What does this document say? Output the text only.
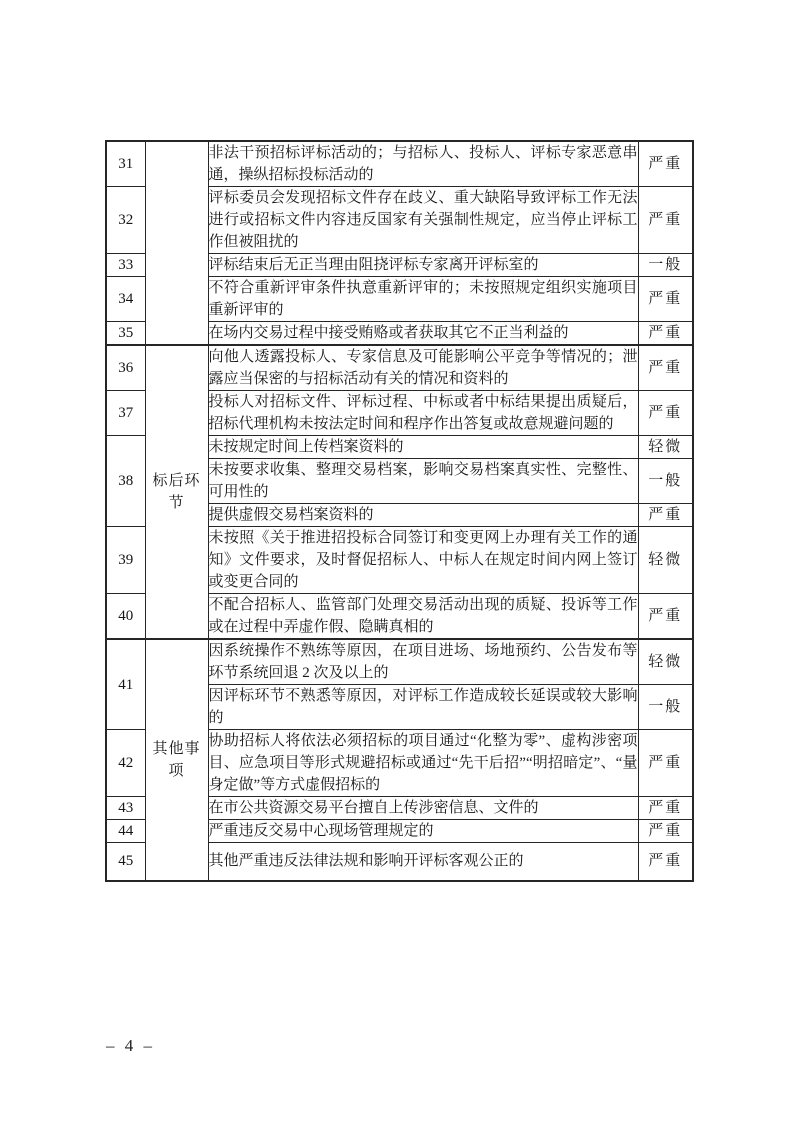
31		非法干预招标评标活动的；与招标人、投标人、评标专家恶意串通，操纵招标投标活动的	严重
32		评标委员会发现招标文件存在歧义、重大缺陷导致评标工作无法进行或招标文件内容违反国家有关强制性规定，应当停止评标工作但被阻扰的	严重
33		评标结束后无正当理由阻挠评标专家离开评标室的	一般
34		不符合重新评审条件执意重新评审的；未按照规定组织实施项目重新评审的	严重
35		在场内交易过程中接受贿赂或者获取其它不正当利益的	严重
36	标后环节	向他人透露投标人、专家信息及可能影响公平竞争等情况的；泄露应当保密的与招标活动有关的情况和资料的	严重
37		投标人对招标文件、评标过程、中标或者中标结果提出质疑后，招标代理机构未按法定时间和程序作出答复或故意规避问题的	严重
38		未按规定时间上传档案资料的	轻微
		未按要求收集、整理交易档案，影响交易档案真实性、完整性、可用性的	一般
		提供虚假交易档案资料的	严重
39		未按照《关于推进招投标合同签订和变更网上办理有关工作的通知》文件要求，及时督促招标人、中标人在规定时间内网上签订或变更合同的	轻微
40		不配合招标人、监管部门处理交易活动出现的质疑、投诉等工作或在过程中弄虚作假、隐瞒真相的	严重
41	其他事项	因系统操作不熟练等原因，在项目进场、场地预约、公告发布等环节系统回退 2 次及以上的	轻微
		因评标环节不熟悉等原因，对评标工作造成较长延误或较大影响的	一般
42		协助招标人将依法必须招标的项目通过“化整为零”、虚构涉密项目、应急项目等形式规避招标或通过“先干后招”“明招暗定”、“量身定做”等方式虚假招标的	严重
43		在市公共资源交易平台擅自上传涉密信息、文件的	严重
44		严重违反交易中心现场管理规定的	严重
45		其他严重违反法律法规和影响开评标客观公正的	严重
– 4 –
